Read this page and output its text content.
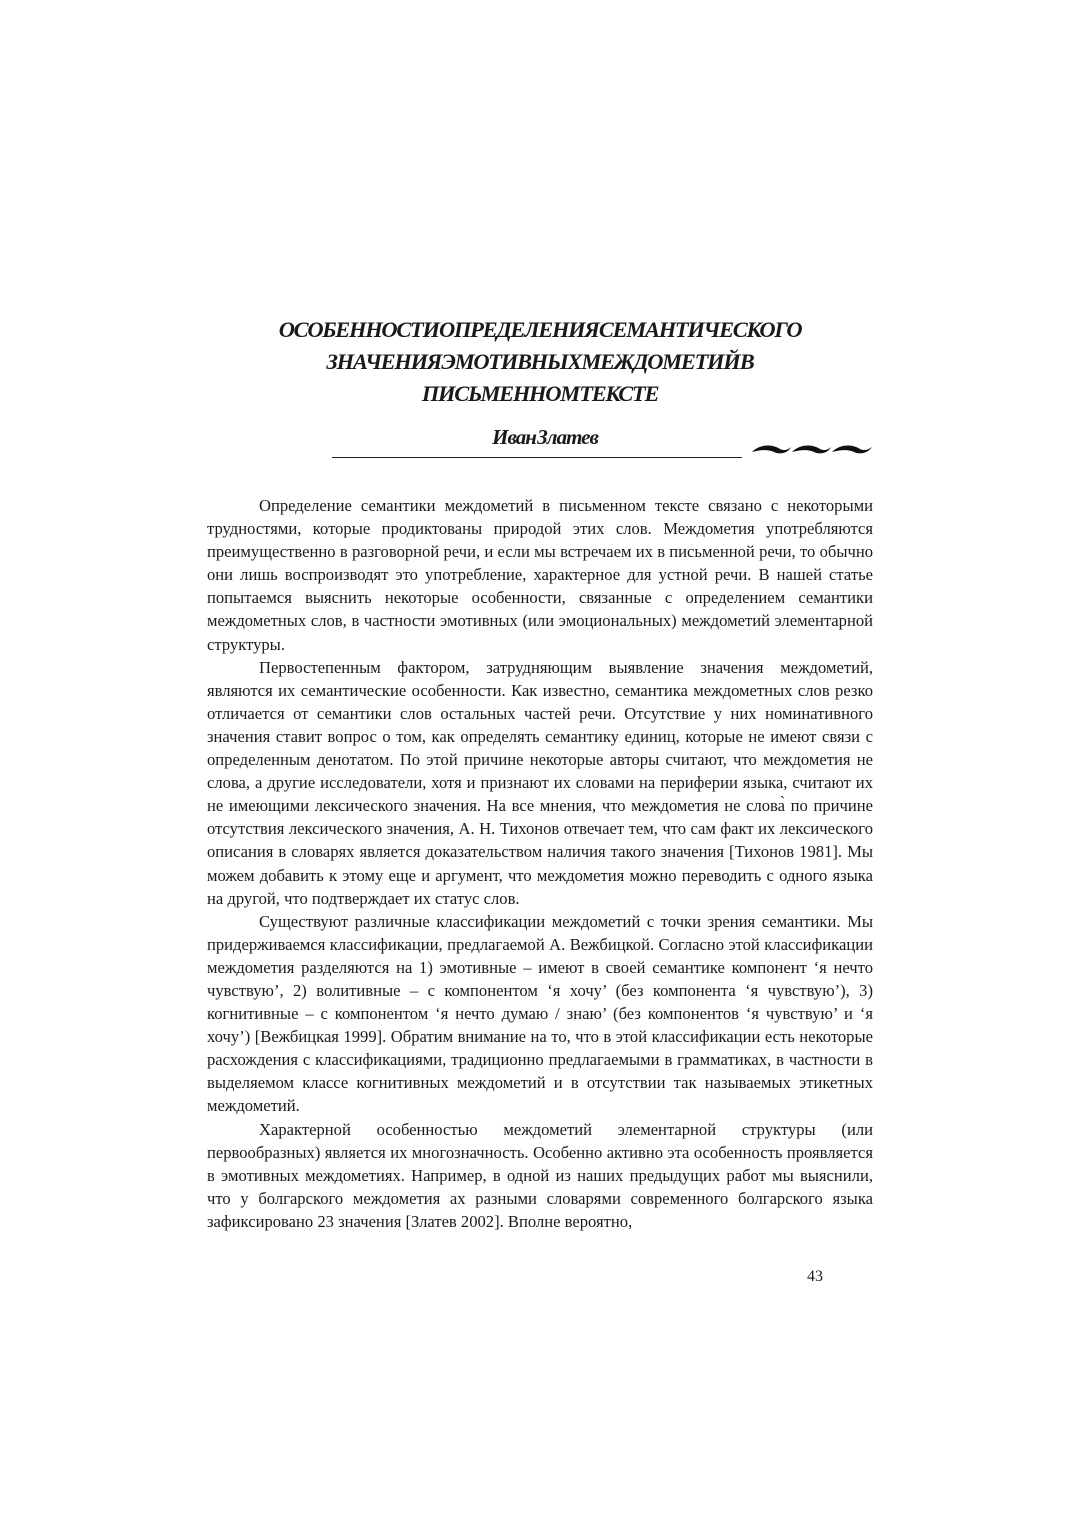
ОСОБЕННОСТИ ОПРЕДЕЛЕНИЯ СЕМАНТИЧЕСКОГО
ЗНАЧЕНИЯ ЭМОТИВНЫХ МЕЖДОМЕТИЙ В
ПИСЬМЕННОМ ТЕКСТЕ
Иван Златев

Определение семантики междометий в письменном тексте связано с некоторыми трудностями, которые продиктованы природой этих слов. Междометия употребляются преимущественно в разговорной речи, и если мы встречаем их в письменной речи, то обычно они лишь воспроизводят это употребление, характерное для устной речи. В нашей статье попытаемся выяснить некоторые особенности, связанные с определением семантики междометных слов, в частности эмотивных (или эмоциональных) междометий элементарной структуры.

Первостепенным фактором, затрудняющим выявление значения междометий, являются их семантические особенности. Как известно, семантика междометных слов резко отличается от семантики слов остальных частей речи. Отсутствие у них номинативного значения ставит вопрос о том, как определять семантику единиц, которые не имеют связи с определенным денотатом. По этой причине некоторые авторы считают, что междометия не слова, а другие исследователи, хотя и признают их словами на периферии языка, считают их не имеющими лексического значения. На все мнения, что междометия не слова̀ по причине отсутствия лексического значения, А. Н. Тихонов отвечает тем, что сам факт их лексического описания в словарях является доказательством наличия такого значения [Тихонов 1981]. Мы можем добавить к этому еще и аргумент, что междометия можно переводить с одного языка на другой, что подтверждает их статус слов.

Существуют различные классификации междометий с точки зрения семантики. Мы придерживаемся классификации, предлагаемой А. Вежбицкой. Согласно этой классификации междометия разделяются на 1) эмотивные – имеют в своей семантике компонент ‘я нечто чувствую’, 2) волитивные – с компонентом ‘я хочу’ (без компонента ‘я чувствую’), 3) когнитивные – с компонентом ‘я нечто думаю / знаю’ (без компонентов ‘я чувствую’ и ‘я хочу’) [Вежбицкая 1999]. Обратим внимание на то, что в этой классификации есть некоторые расхождения с классификациями, традиционно предлагаемыми в грамматиках, в частности в выделяемом классе когнитивных междометий и в отсутствии так называемых этикетных междометий.

Характерной особенностью междометий элементарной структуры (или первообразных) является их многозначность. Особенно активно эта особенность проявляется в эмотивных междометиях. Например, в одной из наших предыдущих работ мы выяснили, что у болгарского междометия ах разными словарями современного болгарского языка зафиксировано 23 значения [Златев 2002]. Вполне вероятно,

43
